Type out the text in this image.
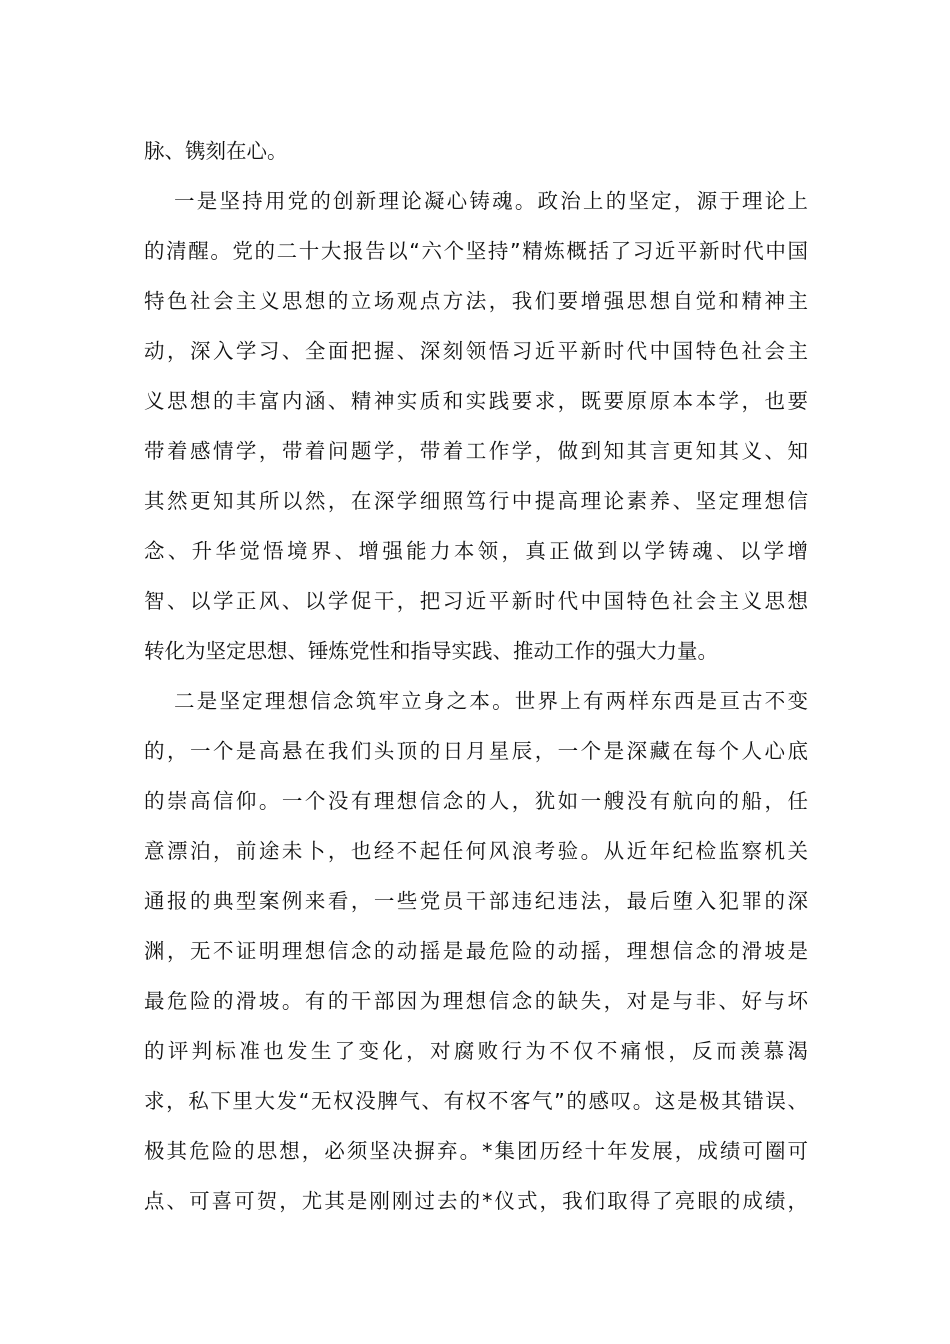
脉、镌刻在心。
一是坚持用党的创新理论凝心铸魂。政治上的坚定，源于理论上
的清醒。党的二十大报告以“六个坚持”精炼概括了习近平新时代中国
特色社会主义思想的立场观点方法，我们要增强思想自觉和精神主
动，深入学习、全面把握、深刻领悟习近平新时代中国特色社会主
义思想的丰富内涵、精神实质和实践要求，既要原原本本学，也要
带着感情学，带着问题学，带着工作学，做到知其言更知其义、知
其然更知其所以然，在深学细照笃行中提高理论素养、坚定理想信
念、升华觉悟境界、增强能力本领，真正做到以学铸魂、以学增
智、以学正风、以学促干，把习近平新时代中国特色社会主义思想
转化为坚定思想、锤炼党性和指导实践、推动工作的强大力量。
二是坚定理想信念筑牢立身之本。世界上有两样东西是亘古不变
的，一个是高悬在我们头顶的日月星辰，一个是深藏在每个人心底
的崇高信仰。一个没有理想信念的人，犹如一艘没有航向的船，任
意漂泊，前途未卜，也经不起任何风浪考验。从近年纪检监察机关
通报的典型案例来看，一些党员干部违纪违法，最后堕入犯罪的深
渊，无不证明理想信念的动摇是最危险的动摇，理想信念的滑坡是
最危险的滑坡。有的干部因为理想信念的缺失，对是与非、好与坏
的评判标准也发生了变化，对腐败行为不仅不痛恨，反而羡慕渴
求，私下里大发“无权没脾气、有权不客气”的感叹。这是极其错误、
极其危险的思想，必须坚决摒弃。*集团历经十年发展，成绩可圈可
点、可喜可贺，尤其是刚刚过去的*仪式，我们取得了亮眼的成绩，
